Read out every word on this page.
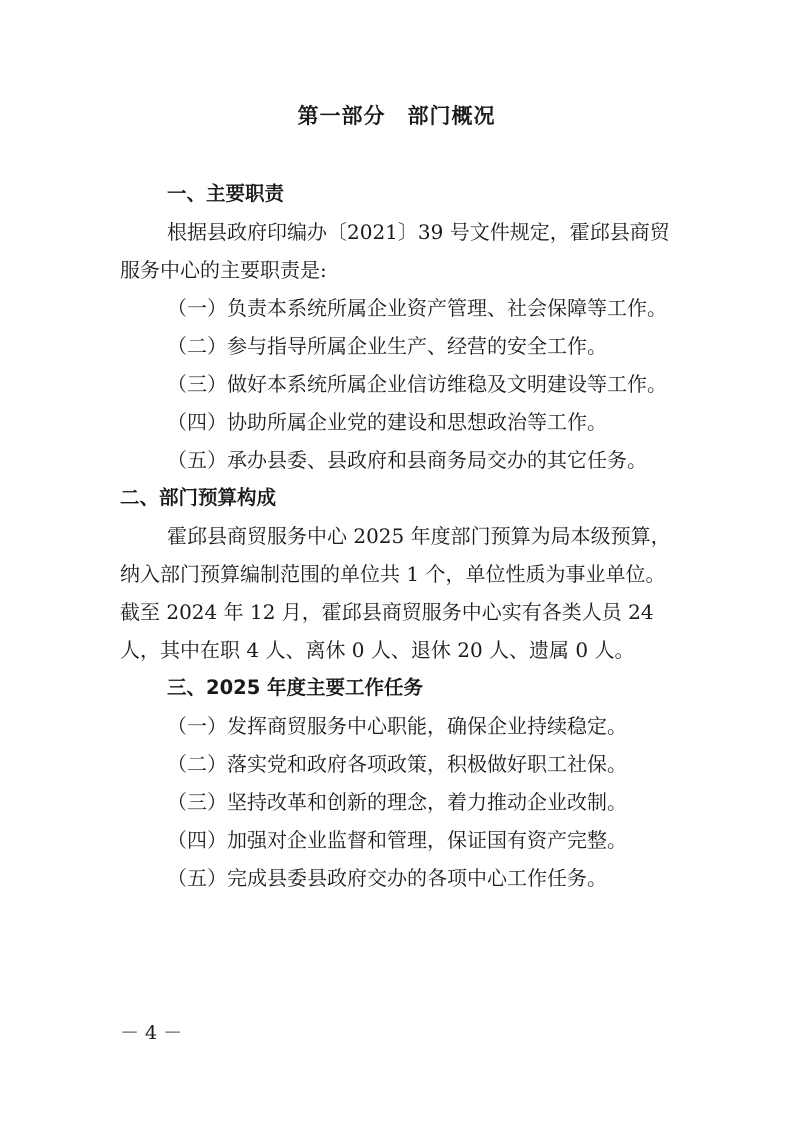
第一部分　部门概况
一、主要职责
根据县政府印编办〔2021〕39 号文件规定，霍邱县商贸
服务中心的主要职责是:
（一）负责本系统所属企业资产管理、社会保障等工作。
（二）参与指导所属企业生产、经营的安全工作。
（三）做好本系统所属企业信访维稳及文明建设等工作。
（四）协助所属企业党的建设和思想政治等工作。
（五）承办县委、县政府和县商务局交办的其它任务。
二、部门预算构成
霍邱县商贸服务中心 2025 年度部门预算为局本级预算，
纳入部门预算编制范围的单位共 1 个，单位性质为事业单位。
截至 2024 年 12 月，霍邱县商贸服务中心实有各类人员 24
人，其中在职 4 人、离休 0 人、退休 20 人、遗属 0 人。
三、2025 年度主要工作任务
（一）发挥商贸服务中心职能，确保企业持续稳定。
（二）落实党和政府各项政策，积极做好职工社保。
（三）坚持改革和创新的理念，着力推动企业改制。
（四）加强对企业监督和管理，保证国有资产完整。
（五）完成县委县政府交办的各项中心工作任务。
－ 4 －
